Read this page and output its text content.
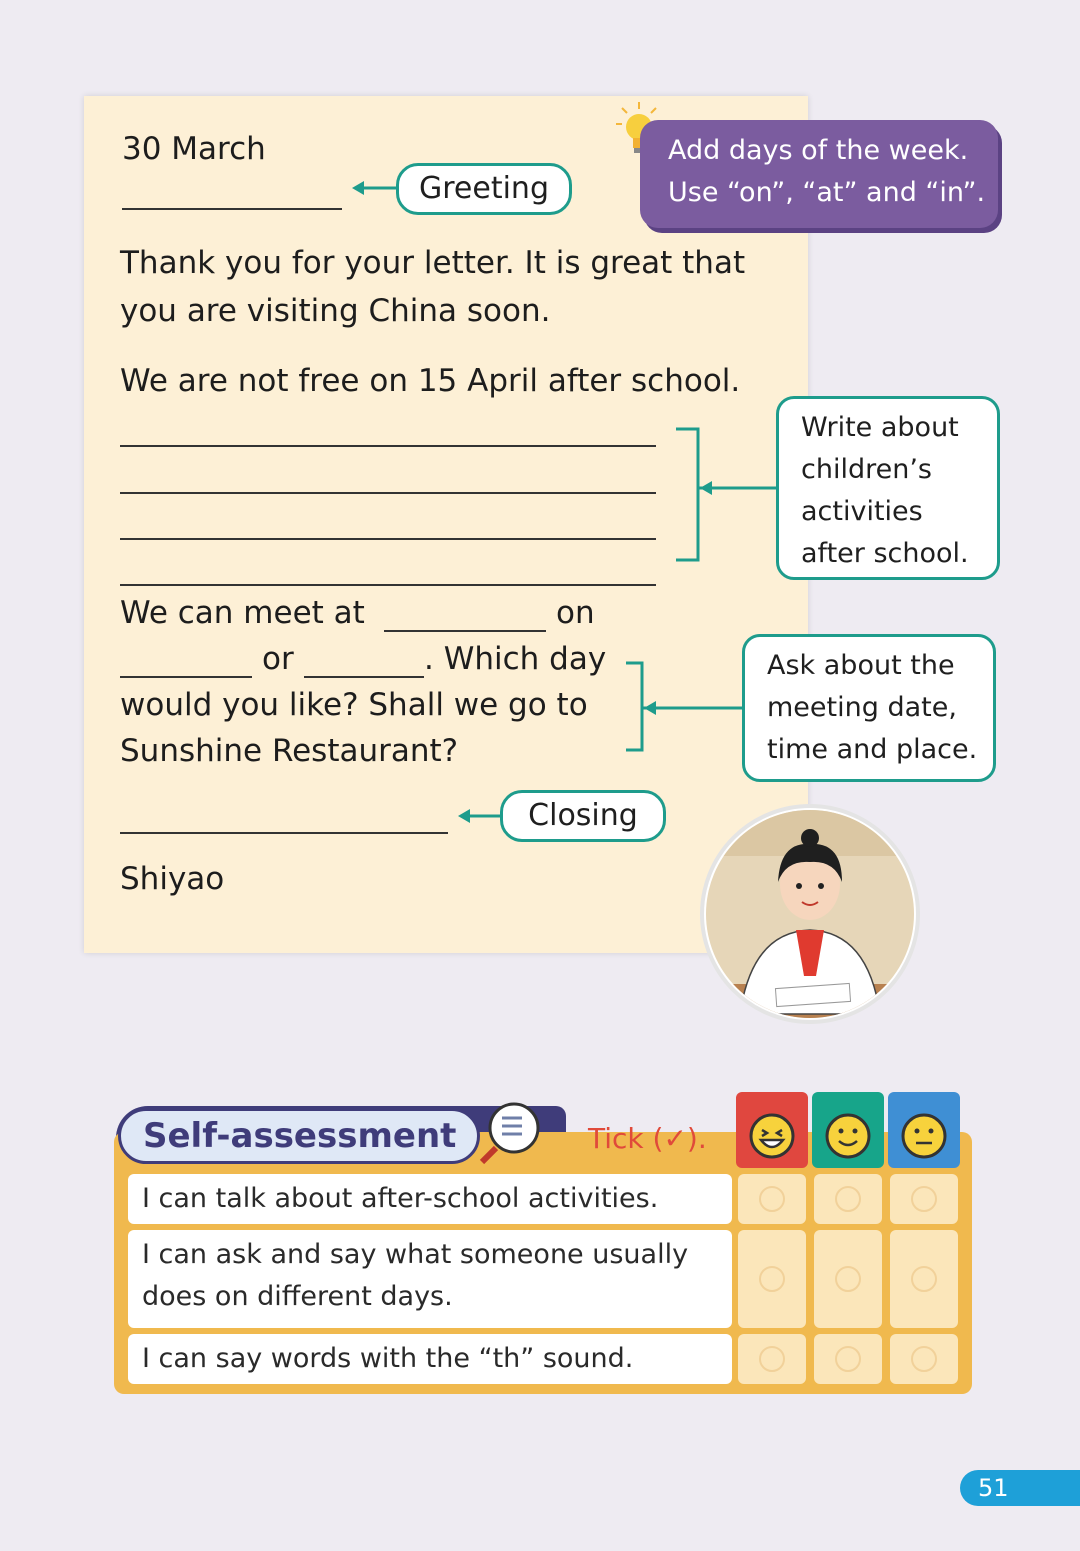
30 March
Greeting
Add days of the week.
Use “on”, “at” and “in”.
Thank you for your letter. It is great that
you are visiting China soon.
We are not free on 15 April after school.
Write about
children’s
activities
after school.
We can meet at	on
or	. Which day
would you like? Shall we go to
Sunshine Restaurant?
Ask about the
meeting date,
time and place.
Closing
Shiyao
Self-assessment	Tick (✓).
I can talk about after-school activities.
I can ask and say what someone usually
does on different days.
I can say words with the “th” sound.
51
